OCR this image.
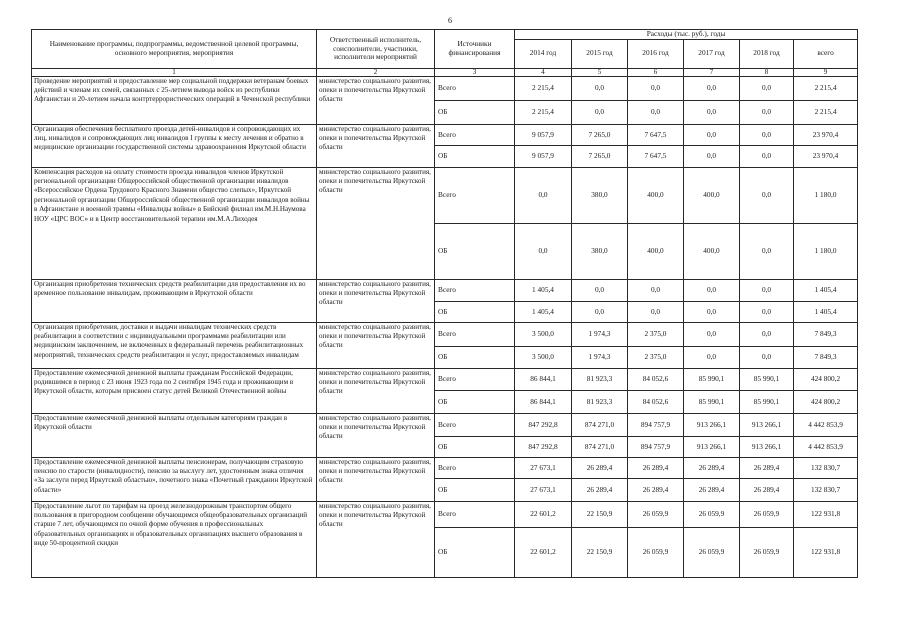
6
Наименование программы, подпрограммы, ведомственной целевой программы, основного мероприятия, мероприятия	Ответственный исполнитель, соисполнители, участники, исполнители мероприятий	Источники финансирования	Расходы (тыс. руб.), годы					
			2014 год	2015 год	2016 год	2017 год	2018 год	всего
1	2	3	4	5	6	7	8	9
Проведение мероприятий и предоставление мер социальной поддержки ветеранам боевых действий и членам их семей, связанных с 25-летием вывода войск из республики Афганистан и 20-летием начала контртеррористических операций в Чеченской республики	министерство социального развития, опеки и попечительства Иркутской области	Всего	2 215,4	0,0	0,0	0,0	0,0	2 215,4
		ОБ	2 215,4	0,0	0,0	0,0	0,0	2 215,4
Организация обеспечения бесплатного проезда детей-инвалидов и сопровождающих их лиц, инвалидов и сопровождающих лиц инвалидов I группы к месту лечения и обратно в медицинские организации государственной системы здравоохранения Иркутской области	министерство социального развития, опеки и попечительства Иркутской области	Всего	9 057,9	7 265,0	7 647,5	0,0	0,0	23 970,4
		ОБ	9 057,9	7 265,0	7 647,5	0,0	0,0	23 970,4
Компенсация расходов на оплату стоимости проезда инвалидов членов Иркутской региональной организации Общероссийской общественной организации инвалидов «Всероссийское Ордена Трудового Красного Знамени общество слепых», Иркутской региональной организации Общероссийской общественной организации инвалидов войны в Афганистане и военной травмы «Инвалиды войны» в Бийский филиал им.М.Н.Наумова НОУ «ЦРС ВОС» и в Центр восстановительной терапии им.М.А.Лиходея	министерство социального развития, опеки и попечительства Иркутской области	Всего	0,0	380,0	400,0	400,0	0,0	1 180,0
		ОБ	0,0	380,0	400,0	400,0	0,0	1 180,0
Организация приобретения технических средств реабилитации для предоставления их во временное пользование инвалидам, проживающим в Иркутской области	министерство социального развития, опеки и попечительства Иркутской области	Всего	1 405,4	0,0	0,0	0,0	0,0	1 405,4
		ОБ	1 405,4	0,0	0,0	0,0	0,0	1 405,4
Организация приобретения, доставки и выдачи инвалидам технических средств реабилитации в соответствии с индивидуальными программами реабилитации или медицинским заключением, не включенных в федеральный перечень реабилитационных мероприятий, технических средств реабилитации и услуг, предоставляемых инвалидам	министерство социального развития, опеки и попечительства Иркутской области	Всего	3 500,0	1 974,3	2 375,0	0,0	0,0	7 849,3
		ОБ	3 500,0	1 974,3	2 375,0	0,0	0,0	7 849,3
Предоставление ежемесячной денежной выплаты гражданам Российской Федерации, родившимся в период с 23 июня 1923 года по 2 сентября 1945 года и проживающим в Иркутской области, которым присвоен статус детей Великой Отечественной войны	министерство социального развития, опеки и попечительства Иркутской области	Всего	86 844,1	81 923,3	84 052,6	85 990,1	85 990,1	424 800,2
		ОБ	86 844,1	81 923,3	84 052,6	85 990,1	85 990,1	424 800,2
Предоставление ежемесячной денежной выплаты отдельным категориям граждан в Иркутской области	министерство социального развития, опеки и попечительства Иркутской области	Всего	847 292,8	874 271,0	894 757,9	913 266,1	913 266,1	4 442 853,9
		ОБ	847 292,8	874 271,0	894 757,9	913 266,1	913 266,1	4 442 853,9
Предоставление ежемесячной денежной выплаты пенсионерам, получающим страховую пенсию по старости (инвалидности), пенсию за выслугу лет, удостоенным знака отличия «За заслуги перед Иркутской областью», почетного знака «Почетный гражданин Иркутской области»	министерство социального развития, опеки и попечительства Иркутской области	Всего	27 673,1	26 289,4	26 289,4	26 289,4	26 289,4	132 830,7
		ОБ	27 673,1	26 289,4	26 289,4	26 289,4	26 289,4	132 830,7
Предоставление льгот по тарифам на проезд железнодорожным транспортом общего пользования в пригородном сообщении обучающимся общеобразовательных организаций старше 7 лет, обучающимся по очной форме обучения в профессиональных образовательных организациях и образовательных организациях высшего образования в виде 50-процентной скидки	министерство социального развития, опеки и попечительства Иркутской области	Всего	22 601,2	22 150,9	26 059,9	26 059,9	26 059,9	122 931,8
		ОБ	22 601,2	22 150,9	26 059,9	26 059,9	26 059,9	122 931,8
